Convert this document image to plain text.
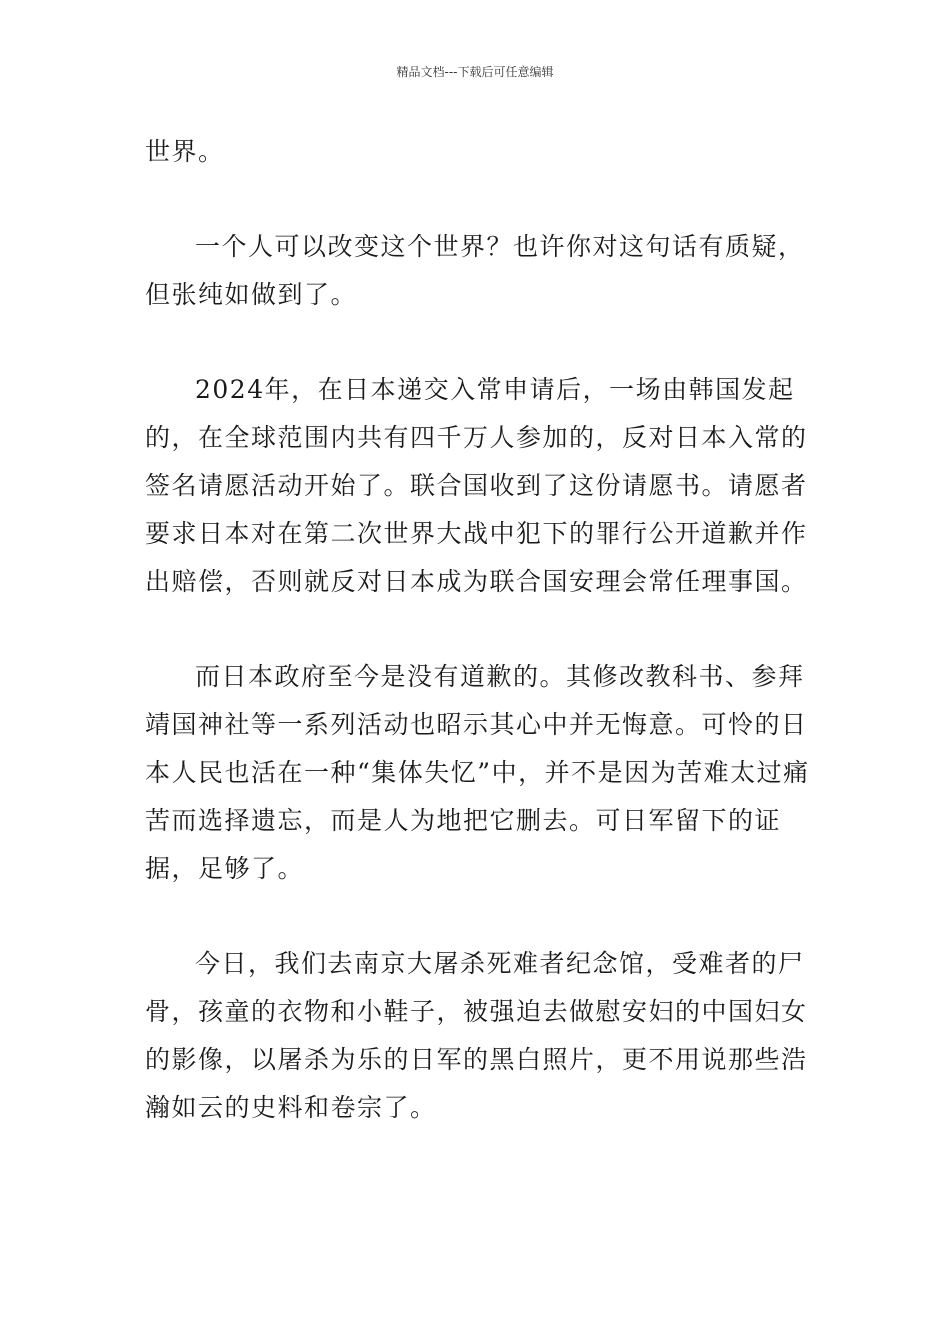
精品文档---下载后可任意编辑

世界。

一个人可以改变这个世界？也许你对这句话有质疑，但张纯如做到了。

2024年，在日本递交入常申请后，一场由韩国发起的，在全球范围内共有四千万人参加的，反对日本入常的签名请愿活动开始了。联合国收到了这份请愿书。请愿者要求日本对在第二次世界大战中犯下的罪行公开道歉并作出赔偿，否则就反对日本成为联合国安理会常任理事国。

而日本政府至今是没有道歉的。其修改教科书、参拜靖国神社等一系列活动也昭示其心中并无悔意。可怜的日本人民也活在一种“集体失忆”中，并不是因为苦难太过痛苦而选择遗忘，而是人为地把它删去。可日军留下的证据，足够了。

今日，我们去南京大屠杀死难者纪念馆，受难者的尸骨，孩童的衣物和小鞋子，被强迫去做慰安妇的中国妇女的影像，以屠杀为乐的日军的黑白照片，更不用说那些浩瀚如云的史料和卷宗了。
